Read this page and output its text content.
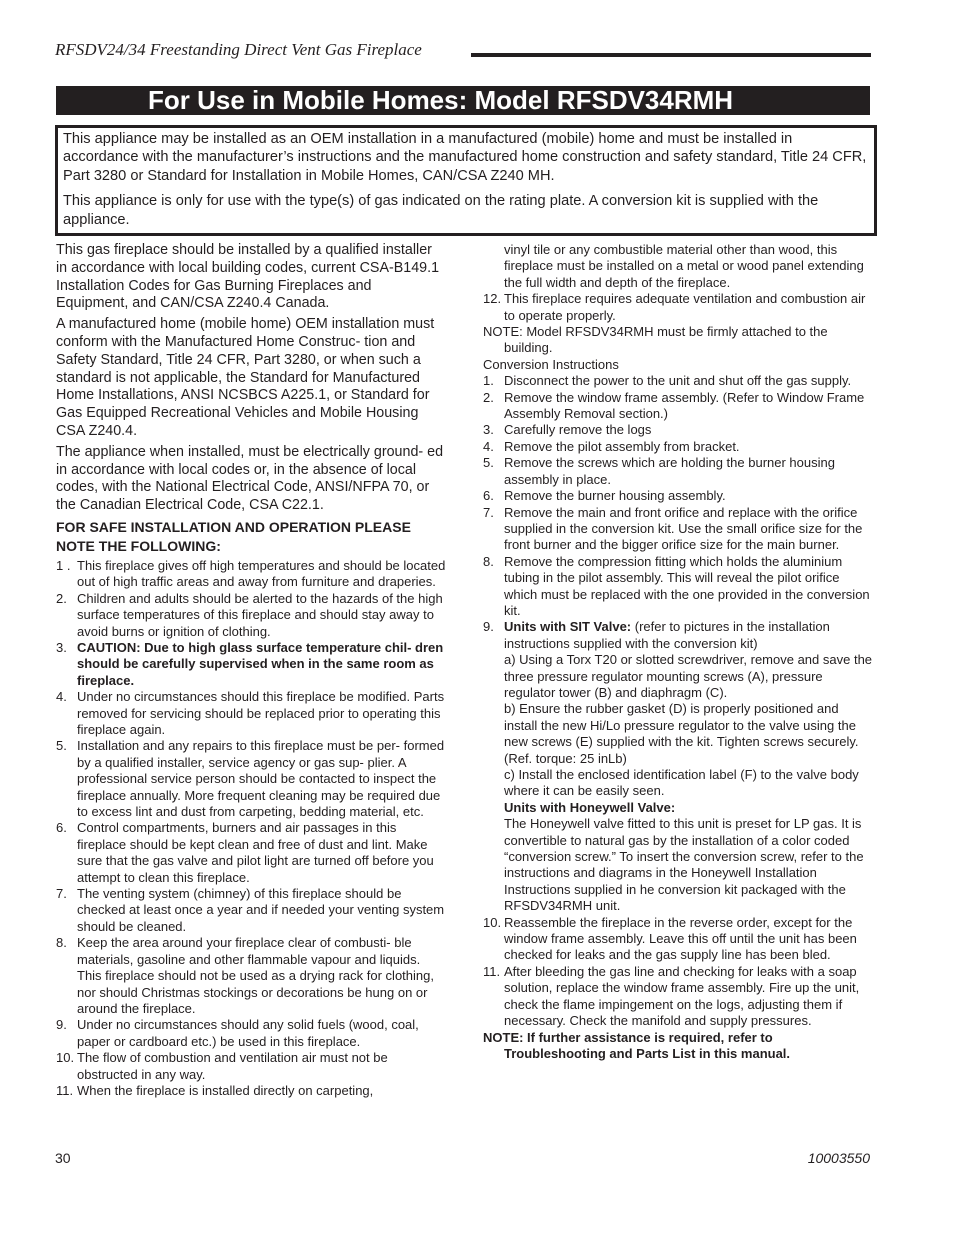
RFSDV24/34 Freestanding Direct Vent Gas Fireplace
For Use in Mobile Homes: Model RFSDV34RMH

This appliance may be installed as an OEM installation in a manufactured (mobile) home and must be installed in accordance with the manufacturer’s instructions and the manufactured home construction and safety standard, Title 24 CFR, Part 3280 or Standard for Installation in Mobile Homes, CAN/CSA Z240 MH.

This appliance is only for use with the type(s) of gas indicated on the rating plate. A conversion kit is supplied with the appliance.

This gas fireplace should be installed by a qualified installer in accordance with local building codes, current CSA-B149.1 Installation Codes for Gas Burning Fireplaces and Equipment, and CAN/CSA Z240.4 Canada.

A manufactured home (mobile home) OEM installation must conform with the Manufactured Home Construc- tion and Safety Standard, Title 24 CFR, Part 3280, or when such a standard is not applicable, the Standard for Manufactured Home Installations, ANSI NCSBCS A225.1, or Standard for Gas Equipped Recreational Vehicles and Mobile Housing CSA Z240.4.

The appliance when installed, must be electrically ground- ed in accordance with local codes or, in the absence of local codes, with the National Electrical Code, ANSI/NFPA 70, or the Canadian Electrical Code, CSA C22.1.

FOR SAFE INSTALLATION AND OPERATION PLEASE NOTE THE FOLLOWING:

1 . This fireplace gives off high temperatures and should be located out of high traffic areas and away from furniture and draperies.
2. Children and adults should be alerted to the hazards of the high surface temperatures of this fireplace and should stay away to avoid burns or ignition of clothing.
3. CAUTION: Due to high glass surface temperature chil- dren should be carefully supervised when in the same room as fireplace.
4. Under no circumstances should this fireplace be modified. Parts removed for servicing should be replaced prior to operating this fireplace again.
5. Installation and any repairs to this fireplace must be per- formed by a qualified installer, service agency or gas sup- plier. A professional service person should be contacted to inspect the fireplace annually. More frequent cleaning may be required due to excess lint and dust from carpeting, bedding material, etc.
6. Control compartments, burners and air passages in this fireplace should be kept clean and free of dust and lint. Make sure that the gas valve and pilot light are turned off before you attempt to clean this fireplace.
7. The venting system (chimney) of this fireplace should be checked at least once a year and if needed your venting system should be cleaned.
8. Keep the area around your fireplace clear of combusti- ble materials, gasoline and other flammable vapour and liquids. This fireplace should not be used as a drying rack for clothing, nor should Christmas stockings or decorations be hung on or around the fireplace.
9. Under no circumstances should any solid fuels (wood, coal, paper or cardboard etc.) be used in this fireplace.
10. The flow of combustion and ventilation air must not be obstructed in any way.
11. When the fireplace is installed directly on carpeting,

vinyl tile or any combustible material other than wood, this fireplace must be installed on a metal or wood panel extending the full width and depth of the fireplace.

12. This fireplace requires adequate ventilation and combustion air to operate properly.

NOTE: Model RFSDV34RMH must be firmly attached to the building.

Conversion Instructions

1. Disconnect the power to the unit and shut off the gas supply.
2. Remove the window frame assembly. (Refer to Window Frame Assembly Removal section.)
3. Carefully remove the logs
4. Remove the pilot assembly from bracket.
5. Remove the screws which are holding the burner housing assembly in place.
6. Remove the burner housing assembly.
7. Remove the main and front orifice and replace with the orifice supplied in the conversion kit. Use the small orifice size for the front burner and the bigger orifice size for the main burner.
8. Remove the compression fitting which holds the aluminium tubing in the pilot assembly. This will reveal the pilot orifice which must be replaced with the one provided in the conversion kit.
9. Units with SIT Valve: (refer to pictures in the installation instructions supplied with the conversion kit)
a) Using a Torx T20 or slotted screwdriver, remove and save the three pressure regulator mounting screws (A), pressure regulator tower (B) and diaphragm (C).
b) Ensure the rubber gasket (D) is properly positioned and install the new Hi/Lo pressure regulator to the valve using the new screws (E) supplied with the kit. Tighten screws securely. (Ref. torque: 25 inLb)
c) Install the enclosed identification label (F) to the valve body where it can be easily seen.
Units with Honeywell Valve:
The Honeywell valve fitted to this unit is preset for LP gas. It is convertible to natural gas by the installation of a color coded “conversion screw.” To insert the conversion screw, refer to the instructions and diagrams in the Honeywell Installation Instructions supplied in he conversion kit packaged with the RFSDV34RMH unit.
10. Reassemble the fireplace in the reverse order, except for the window frame assembly. Leave this off until the unit has been checked for leaks and the gas supply line has been bled.
11. After bleeding the gas line and checking for leaks with a soap solution, replace the window frame assembly. Fire up the unit, check the flame impingement on the logs, adjusting them if necessary. Check the manifold and supply pressures.

NOTE: If further assistance is required, refer to Troubleshooting and Parts List in this manual.

30	10003550
